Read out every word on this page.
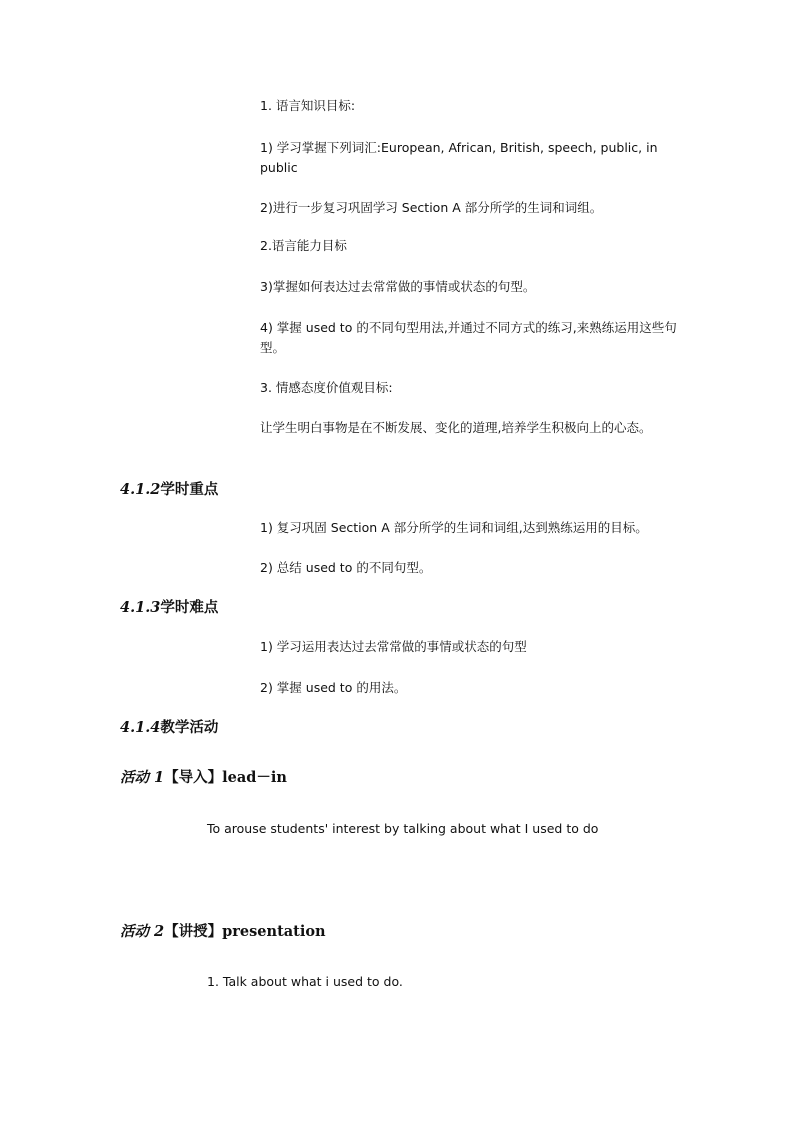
1. 语言知识目标:

1) 学习掌握下列词汇:European, African, British, speech, public, in public

2)进行一步复习巩固学习 Section A 部分所学的生词和词组。

2.语言能力目标

3)掌握如何表达过去常常做的事情或状态的句型。

4) 掌握 used to 的不同句型用法,并通过不同方式的练习,来熟练运用这些句型。

3. 情感态度价值观目标:

让学生明白事物是在不断发展、变化的道理,培养学生积极向上的心态。

4.1.2学时重点

1) 复习巩固 Section A 部分所学的生词和词组,达到熟练运用的目标。

2) 总结 used to 的不同句型。

4.1.3学时难点

1) 学习运用表达过去常常做的事情或状态的句型

2) 掌握 used to 的用法。

4.1.4教学活动
活动 1【导入】lead－in

To arouse students' interest by talking about what I used to do

活动 2【讲授】presentation

1. Talk about what i used to do.
